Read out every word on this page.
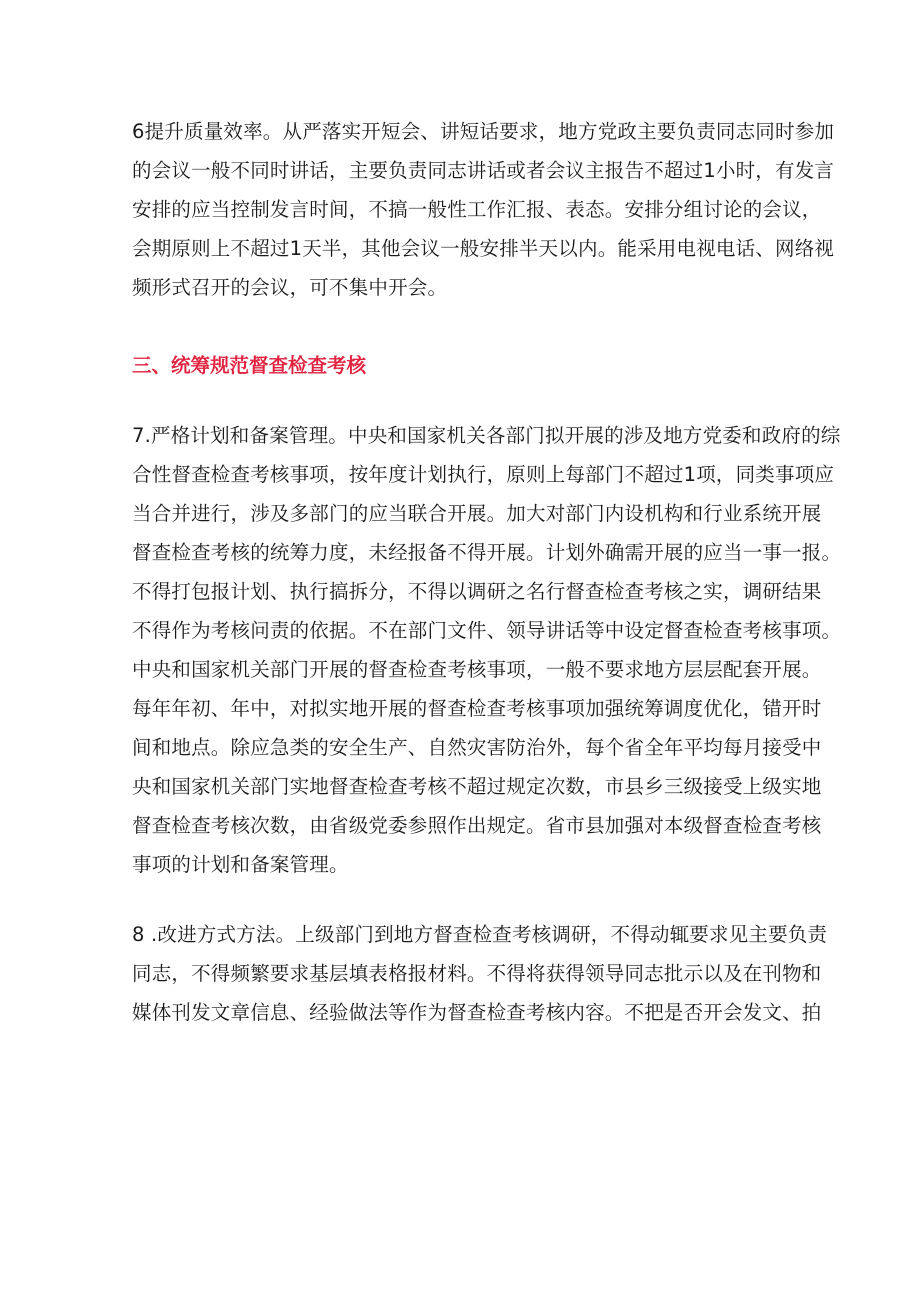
6提升质量效率。从严落实开短会、讲短话要求，地方党政主要负责同志同时参加
的会议一般不同时讲话，主要负责同志讲话或者会议主报告不超过1小时，有发言
安排的应当控制发言时间，不搞一般性工作汇报、表态。安排分组讨论的会议，
会期原则上不超过1天半，其他会议一般安排半天以内。能采用电视电话、网络视
频形式召开的会议，可不集中开会。

三、统筹规范督查检查考核

7.严格计划和备案管理。中央和国家机关各部门拟开展的涉及地方党委和政府的综
合性督查检查考核事项，按年度计划执行，原则上每部门不超过1项，同类事项应
当合并进行，涉及多部门的应当联合开展。加大对部门内设机构和行业系统开展
督查检查考核的统筹力度，未经报备不得开展。计划外确需开展的应当一事一报。
不得打包报计划、执行搞拆分，不得以调研之名行督查检查考核之实，调研结果
不得作为考核问责的依据。不在部门文件、领导讲话等中设定督查检查考核事项。
中央和国家机关部门开展的督查检查考核事项，一般不要求地方层层配套开展。
每年年初、年中，对拟实地开展的督查检查考核事项加强统筹调度优化，错开时
间和地点。除应急类的安全生产、自然灾害防治外，每个省全年平均每月接受中
央和国家机关部门实地督查检查考核不超过规定次数，市县乡三级接受上级实地
督查检查考核次数，由省级党委参照作出规定。省市县加强对本级督查检查考核
事项的计划和备案管理。

8 .改进方式方法。上级部门到地方督查检查考核调研，不得动辄要求见主要负责
同志，不得频繁要求基层填表格报材料。不得将获得领导同志批示以及在刊物和
媒体刊发文章信息、经验做法等作为督查检查考核内容。不把是否开会发文、拍
